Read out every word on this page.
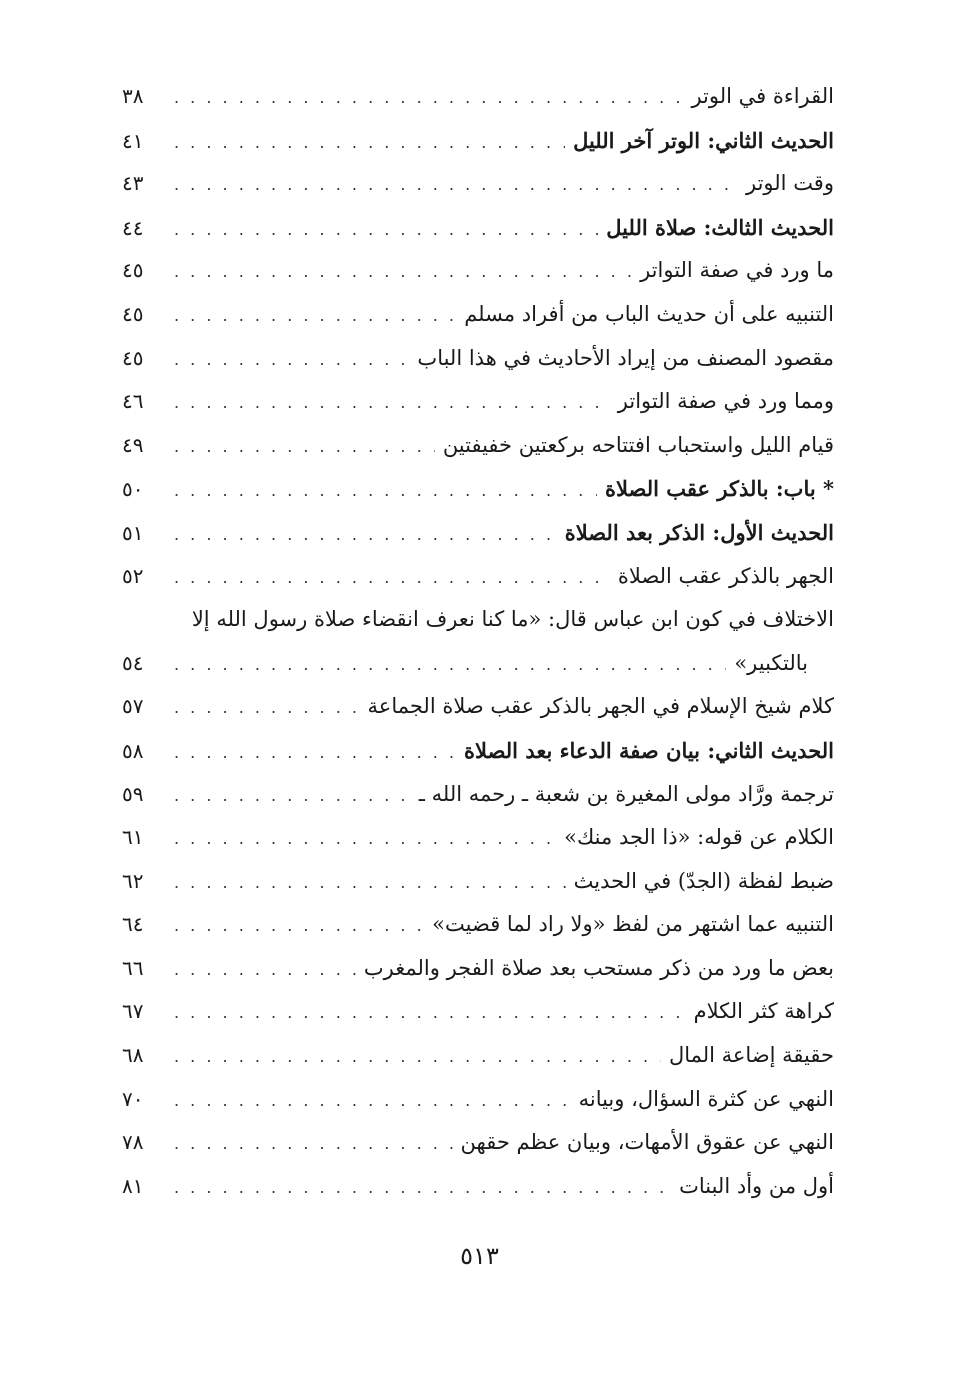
القراءة في الوتر
. . .
٣٨
الحديث الثاني: الوتر آخر الليل
. . .
٤١
وقت الوتر
. . .
٤٣
الحديث الثالث: صلاة الليل
. . .
٤٤
ما ورد في صفة التواتر
. . .
٤٥
التنبيه على أن حديث الباب من أفراد مسلم
. . .
٤٥
مقصود المصنف من إيراد الأحاديث في هذا الباب
. . .
٤٥
ومما ورد في صفة التواتر
. . .
٤٦
قيام الليل واستحباب افتتاحه بركعتين خفيفتين
. . .
٤٩
* باب: بالذكر عقب الصلاة
. . .
٥٠
الحديث الأول: الذكر بعد الصلاة
. . .
٥١
الجهر بالذكر عقب الصلاة
. . .
٥٢
الاختلاف في كون ابن عباس قال: «ما كنا نعرف انقضاء صلاة رسول الله إلا
بالتكبير»
. . .
٥٤
كلام شيخ الإسلام في الجهر بالذكر عقب صلاة الجماعة
. . .
٥٧
الحديث الثاني: بيان صفة الدعاء بعد الصلاة
. . .
٥٨
ترجمة ورَّاد مولى المغيرة بن شعبة ـ رحمه الله ـ
. . .
٥٩
الكلام عن قوله: «ذا الجد منك»
. . .
٦١
ضبط لفظة (الجدّ) في الحديث
. . .
٦٢
التنبيه عما اشتهر من لفظ «ولا راد لما قضيت»
. . .
٦٤
بعض ما ورد من ذكر مستحب بعد صلاة الفجر والمغرب
. . .
٦٦
كراهة كثر الكلام
. . .
٦٧
حقيقة إضاعة المال
. . .
٦٨
النهي عن كثرة السؤال، وبيانه
. . .
٧٠
النهي عن عقوق الأمهات، وبيان عظم حقهن
. . .
٧٨
أول من وأد البنات
. . .
٨١
٥١٣
